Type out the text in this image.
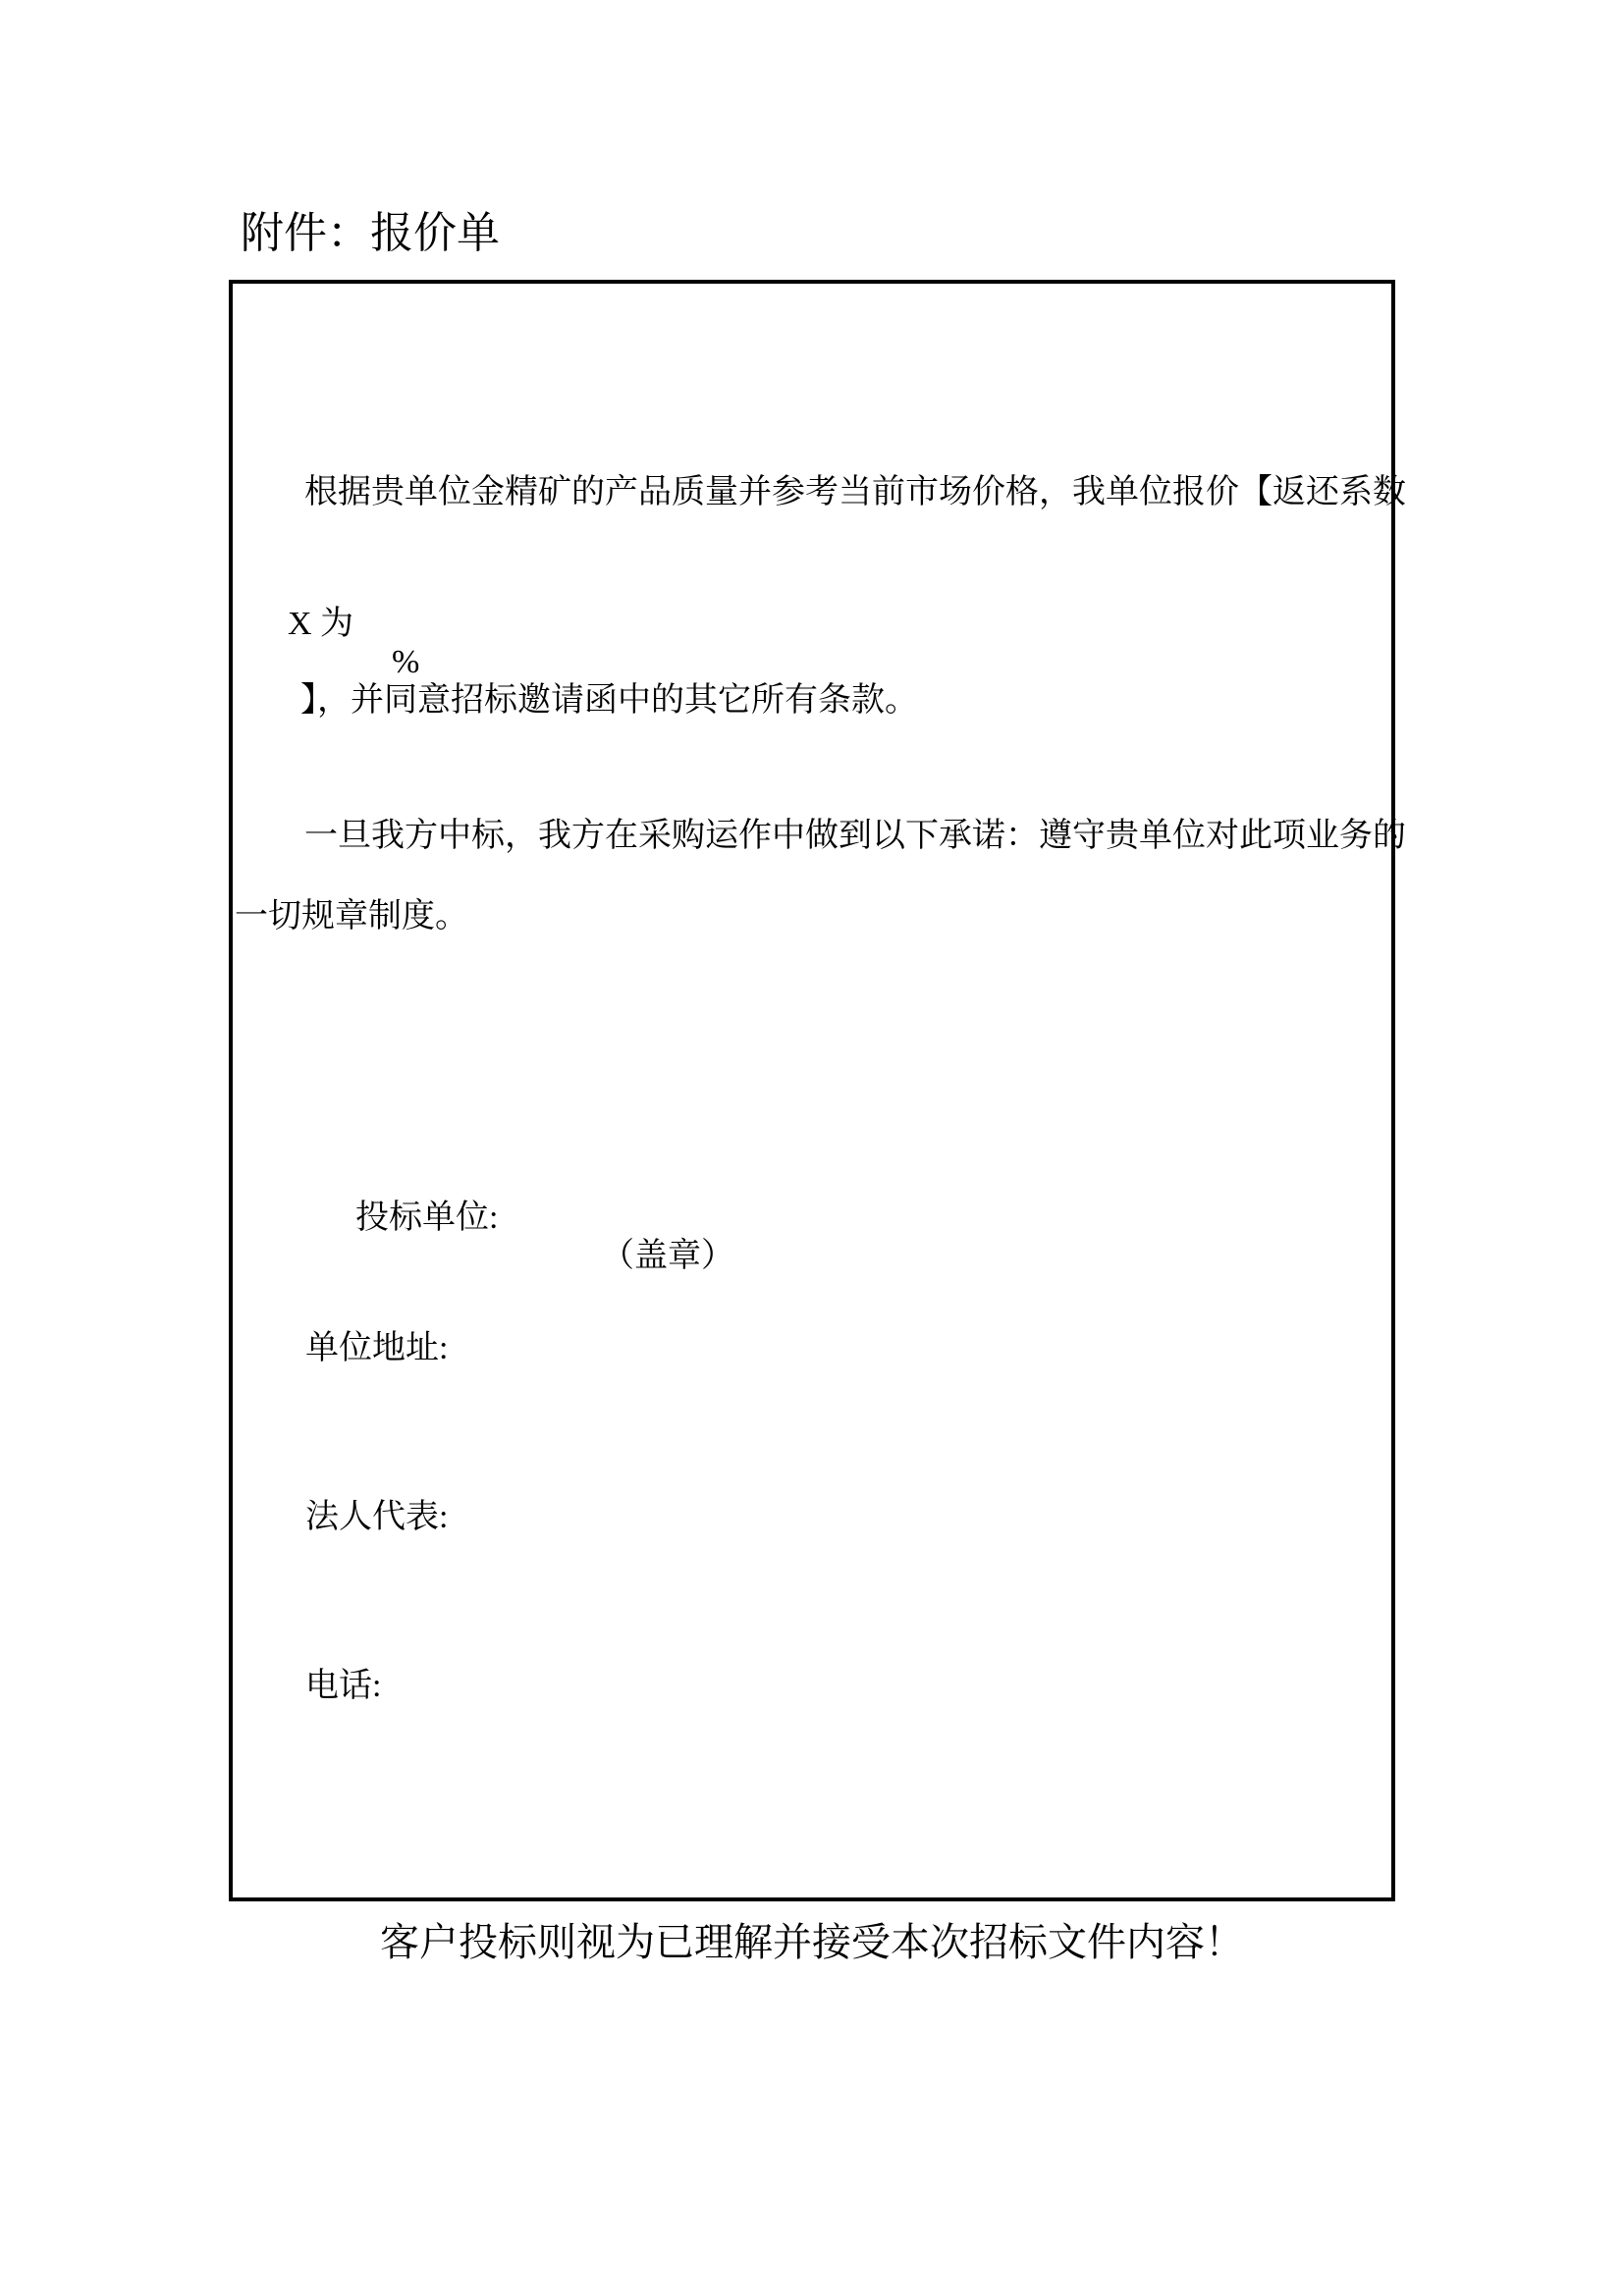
附件：报价单
根据贵单位金精矿的产品质量并参考当前市场价格，我单位报价【返还系数

X 为
%
】，并同意招标邀请函中的其它所有条款。

一旦我方中标，我方在采购运作中做到以下承诺：遵守贵单位对此项业务的
一切规章制度。

投标单位:
（盖章）

单位地址:
法人代表:
电话:
客户投标则视为已理解并接受本次招标文件内容！
